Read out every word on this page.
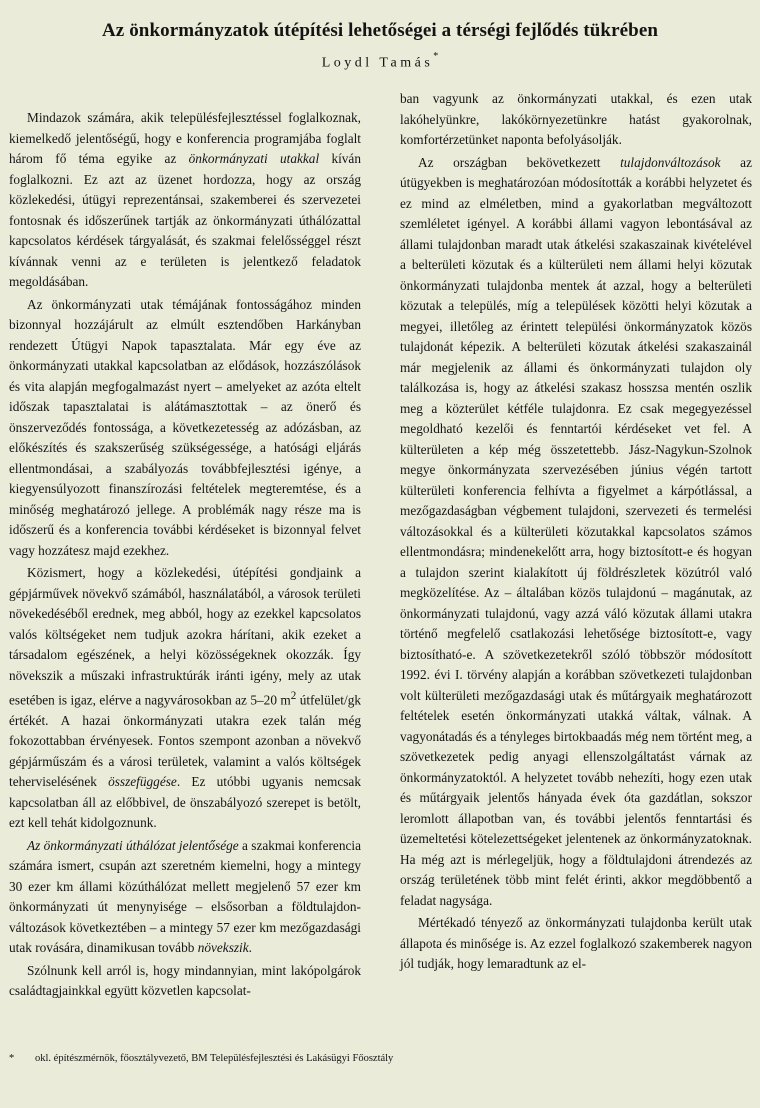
Az önkormányzatok útépítési lehetőségei a térségi fejlődés tükrében
Loydl Tamás*

Mindazok számára, akik településfejlesztéssel foglalkoznak, kiemelkedő jelentőségű, hogy e konferencia programjába foglalt három fő téma egyike az önkormányzati utakkal kíván foglalkozni. Ez azt az üzenet hordozza, hogy az ország közlekedési, útügyi reprezentánsai, szakemberei és szervezetei fontosnak és időszerűnek tartják az önkormányzati úthálózattal kapcsolatos kérdések tárgyalását, és szakmai felelősséggel részt kívánnak venni az e területen is jelentkező feladatok megoldásában.

Az önkormányzati utak témájának fontosságához minden bizonnyal hozzájárult az elmúlt esztendőben Harkányban rendezett Útügyi Napok tapasztalata. Már egy éve az önkormányzati utakkal kapcsolatban az elődások, hozzászólások és vita alapján megfogalmazást nyert – amelyeket az azóta eltelt időszak tapasztalatai is alátámasztottak – az önerő és önszerveződés fontossága, a következetesség az adózásban, az előkészítés és szakszerűség szükségessége, a hatósági eljárás ellentmondásai, a szabályozás továbbfejlesztési igénye, a kiegyensúlyozott finanszírozási feltételek megteremtése, és a minőség meghatározó jellege. A problémák nagy része ma is időszerű és a konferencia további kérdéseket is bizonnyal felvet vagy hozzátesz majd ezekhez.

Közismert, hogy a közlekedési, útépítési gondjaink a gépjárművek növekvő számából, használatából, a városok területi növekedéséből erednek, meg abból, hogy az ezekkel kapcsolatos valós költségeket nem tudjuk azokra hárítani, akik ezeket a társadalom egészének, a helyi közösségeknek okozzák. Így növekszik a műszaki infrastruktúrák iránti igény, mely az utak esetében is igaz, elérve a nagyvárosokban az 5–20 $m^2$ útfelület/gk értékét. A hazai önkormányzati utakra ezek talán még fokozottabban érvényesek. Fontos szempont azonban a növekvő gépjárműszám és a városi területek, valamint a valós költségek teherviselésének összefüggése. Ez utóbbi ugyanis nemcsak kapcsolatban áll az előbbivel, de önszabályozó szerepet is betölt, ezt kell tehát kidolgoznunk.

Az önkormányzati úthálózat jelentősége a szakmai konferencia számára ismert, csupán azt szeretném kiemelni, hogy a mintegy 30 ezer km állami közúthálózat mellett megjelenő 57 ezer km önkormányzati út menynyisége – elsősorban a földtulajdon-változások következtében – a mintegy 57 ezer km mezőgazdasági utak rovására, dinamikusan tovább növekszik.

Szólnunk kell arról is, hogy mindannyian, mint lakópolgárok családtagjainkkal együtt közvetlen kapcsolat-

ban vagyunk az önkormányzati utakkal, és ezen utak lakóhelyünkre, lakókörnyezetünkre hatást gyakorolnak, komfortérzetünket naponta befolyásolják.

Az országban bekövetkezett tulajdonváltozások az útügyekben is meghatározóan módosították a korábbi helyzetet és ez mind az elméletben, mind a gyakorlatban megváltozott szemléletet igényel. A korábbi állami vagyon lebontásával az állami tulajdonban maradt utak átkelési szakaszainak kivételével a belterületi közutak és a külterületi nem állami helyi közutak önkormányzati tulajdonba mentek át azzal, hogy a belterületi közutak a település, míg a települések közötti helyi közutak a megyei, illetőleg az érintett települési önkormányzatok közös tulajdonát képezik. A belterületi közutak átkelési szakaszainál már megjelenik az állami és önkormányzati tulajdon oly találkozása is, hogy az átkelési szakasz hosszsa mentén oszlik meg a közterület kétféle tulajdonra. Ez csak megegyezéssel megoldható kezelői és fenntartói kérdéseket vet fel. A külterületen a kép még összetettebb. Jász-Nagykun-Szolnok megye önkormányzata szervezésében június végén tartott külterületi konferencia felhívta a figyelmet a kárpótlással, a mezőgazdaságban végbement tulajdoni, szervezeti és termelési változásokkal és a külterületi közutakkal kapcsolatos számos ellentmondásra; mindenekelőtt arra, hogy biztosított-e és hogyan a tulajdon szerint kialakított új földrészletek közútról való megközelítése. Az – általában közös tulajdonú – magánutak, az önkormányzati tulajdonú, vagy azzá váló közutak állami utakra történő megfelelő csatlakozási lehetősége biztosított-e, vagy biztosítható-e. A szövetkezetekről szóló többször módosított 1992. évi I. törvény alapján a korábban szövetkezeti tulajdonban volt külterületi mezőgazdasági utak és műtárgyaik meghatározott feltételek esetén önkormányzati utakká váltak, válnak. A vagyonátadás és a tényleges birtokbaadás még nem történt meg, a szövetkezetek pedig anyagi ellenszolgáltatást várnak az önkormányzatoktól. A helyzetet tovább nehezíti, hogy ezen utak és műtárgyaik jelentős hányada évek óta gazdátlan, sokszor leromlott állapotban van, és további jelentős fenntartási és üzemeltetési kötelezettségeket jelentenek az önkormányzatoknak. Ha még azt is mérlegeljük, hogy a földtulajdoni átrendezés az ország területének több mint felét érinti, akkor megdöbbentő a feladat nagysága.

Mértékadó tényező az önkormányzati tulajdonba került utak állapota és minősége is. Az ezzel foglalkozó szakemberek nagyon jól tudják, hogy lemaradtunk az el-

* okl. építészmérnök, főosztályvezető, BM Településfejlesztési és Lakásügyi Főosztály
